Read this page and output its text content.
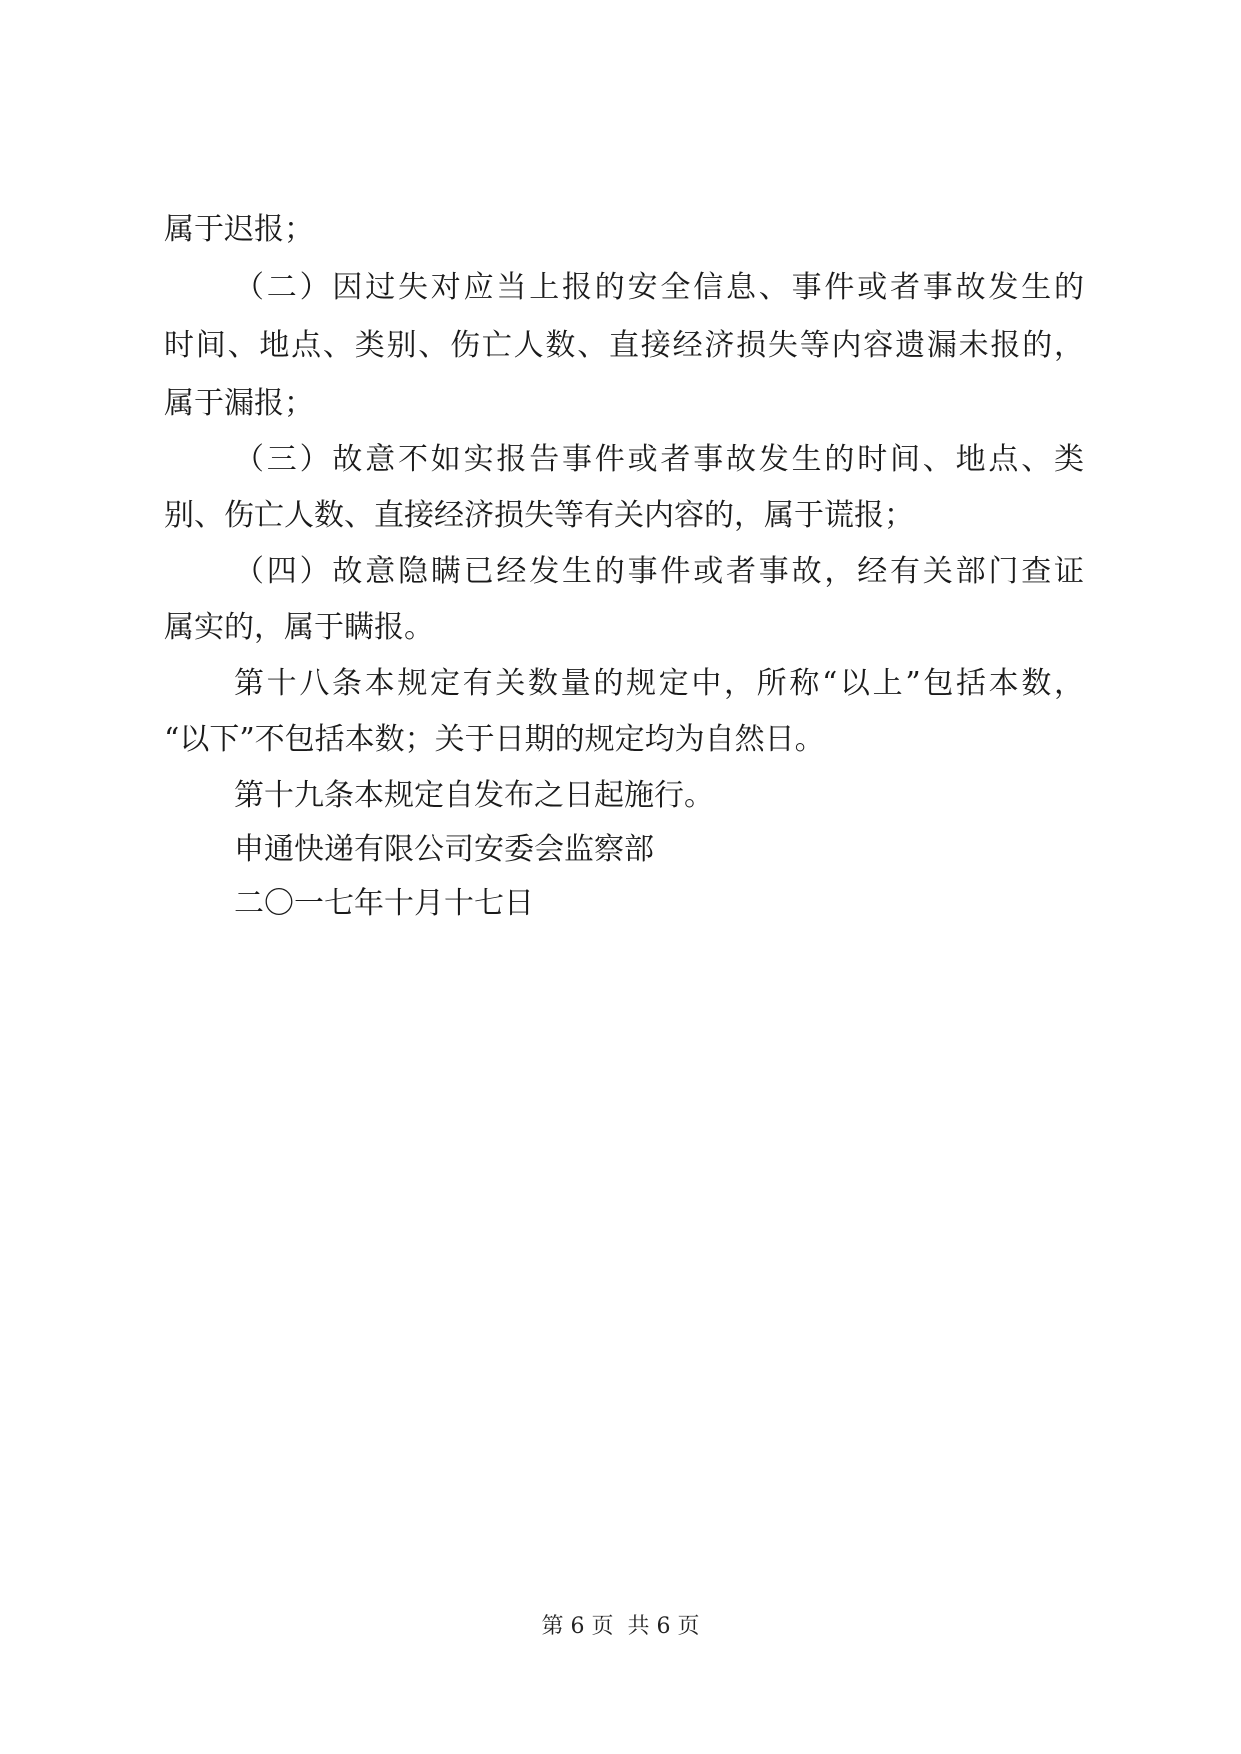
属于迟报；
（二）因过失对应当上报的安全信息、事件或者事故发生的
时间、地点、类别、伤亡人数、直接经济损失等内容遗漏未报的，
属于漏报；
（三）故意不如实报告事件或者事故发生的时间、地点、类
别、伤亡人数、直接经济损失等有关内容的，属于谎报；
（四）故意隐瞒已经发生的事件或者事故，经有关部门查证
属实的，属于瞒报。
第十八条本规定有关数量的规定中，所称“以上”包括本数，
“以下”不包括本数；关于日期的规定均为自然日。
第十九条本规定自发布之日起施行。
申通快递有限公司安委会监察部
二〇一七年十月十七日
第 6 页  共 6 页
